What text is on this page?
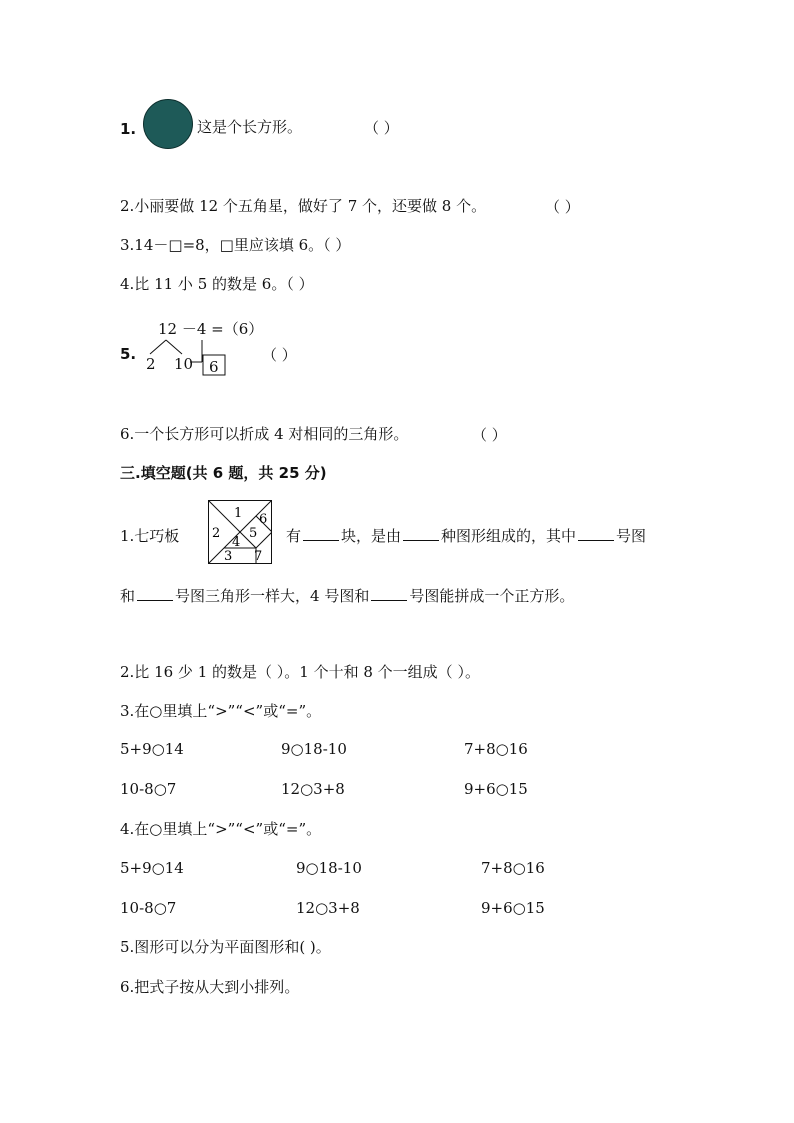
1.	这是个长方形。	（ ）
2.小丽要做 12 个五角星，做好了 7 个，还要做 8 个。	（ ）
3.14－□=8，□里应该填 6。（ ）
4.比 11 小 5 的数是 6。（ ）
5.
12 －4 =（6）
2 10 6
（ ）
6.一个长方形可以折成 4 对相同的三角形。	（ ）
三.填空题(共 6 题，共 25 分)
1.七巧板
1
2
3
4
5
6
7
有	块，是由	种图形组成的，其中	号图
和	号图三角形一样大，4 号图和	号图能拼成一个正方形。
2.比 16 少 1 的数是（ ）。1 个十和 8 个一组成（ ）。
3.在○里填上“>”“<”或“=”。
5+9○14	9○18-10	7+8○16
10-8○7	12○3+8	9+6○15
4.在○里填上“>”“<”或“=”。
5+9○14	9○18-10	7+8○16
10-8○7	12○3+8	9+6○15
5.图形可以分为平面图形和( )。
6.把式子按从大到小排列。
